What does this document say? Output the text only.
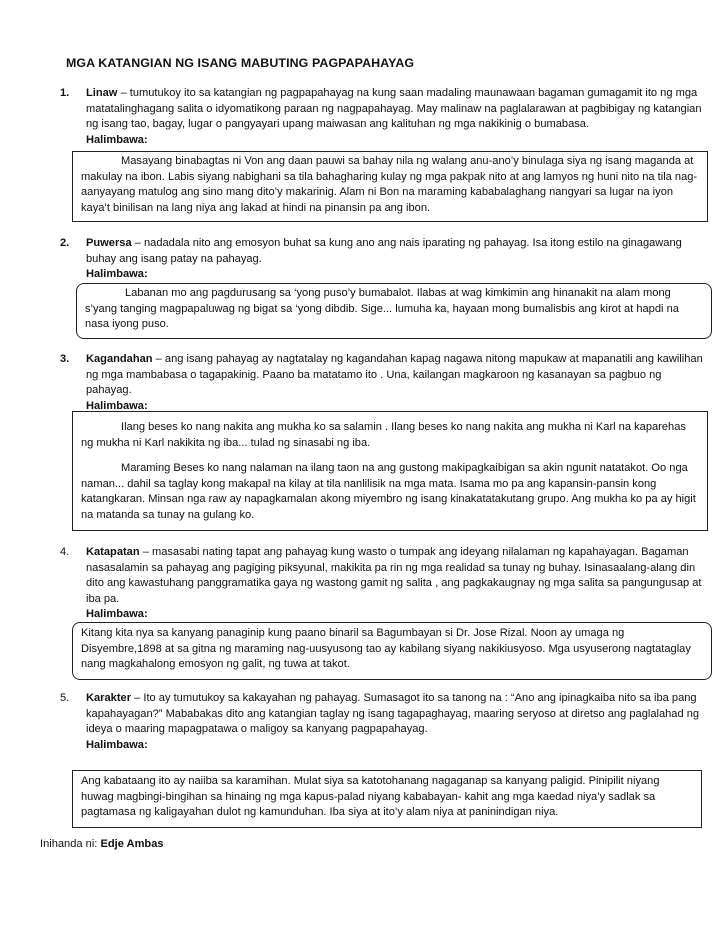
MGA KATANGIAN NG ISANG MABUTING PAGPAPAHAYAG
1.	Linaw – tumutukoy ito sa katangian ng pagpapahayag na kung saan madaling maunawaan bagaman gumagamit ito ng mga matatalinghagang salita o idyomatikong paraan ng nagpapahayag. May malinaw na paglalarawan at pagbibigay ng katangian ng isang tao, bagay, lugar o pangyayari upang maiwasan ang kalituhan ng mga nakikinig o bumabasa.
Halimbawa:

Masayang binabagtas ni Von ang daan pauwi sa bahay nila ng walang anu-ano’y binulaga siya ng isang maganda at makulay na ibon. Labis siyang nabighani sa tila bahagharing kulay ng mga pakpak nito at ang lamyos ng huni nito na tila nag-aanyayang matulog ang sino mang dito’y makarinig. Alam ni Bon na maraming kababalaghang nangyari sa lugar na iyon kaya’t binilisan na lang niya ang lakad at hindi na pinansin pa ang ibon.

2.	Puwersa – nadadala nito ang emosyon buhat sa kung ano ang nais iparating ng pahayag. Isa itong estilo na ginagawang buhay ang isang patay na pahayag.
Halimbawa:

Labanan mo ang pagdurusang sa ‘yong puso’y bumabalot. Ilabas at wag kimkimin ang hinanakit na alam mong s’yang tanging magpapaluwag ng bigat sa ‘yong dibdib. Sige... lumuha ka, hayaan mong bumalisbis ang kirot at hapdi na nasa iyong puso.

3.	Kagandahan – ang isang pahayag ay nagtatalay ng kagandahan kapag nagawa nitong mapukaw at mapanatili ang kawilihan ng mga mambabasa o tagapakinig. Paano ba matatamo ito . Una, kailangan magkaroon ng kasanayan sa pagbuo ng pahayag.
Halimbawa:

Ilang beses ko nang nakita ang mukha ko sa salamin . Ilang beses ko nang nakita ang mukha ni Karl na kaparehas ng mukha ni Karl nakikita ng iba... tulad ng sinasabi ng iba.

Maraming Beses ko nang nalaman na ilang taon na ang gustong makipagkaibigan sa akin ngunit natatakot. Oo nga naman... dahil sa taglay kong makapal na kilay at tila nanlilisik na mga mata. Isama mo pa ang kapansin-pansin kong katangkaran. Minsan nga raw ay napagkamalan akong miyembro ng isang kinakatatakutang grupo. Ang mukha ko pa ay higit na matanda sa tunay na gulang ko.

4.	Katapatan – masasabi nating tapat ang pahayag kung wasto o tumpak ang ideyang nilalaman ng kapahayagan. Bagaman nasasalamin sa pahayag ang pagiging piksyunal, makikita pa rin ng mga realidad sa tunay ng buhay. Isinasaalang-alang din dito ang kawastuhang panggramatika gaya ng wastong gamit ng salita , ang pagkakaugnay ng mga salita sa pangungusap at iba pa.
Halimbawa:

Kitang kita nya sa kanyang panaginip kung paano binaril sa Bagumbayan si Dr. Jose Rizal. Noon ay umaga ng Disyembre,1898 at sa gitna ng maraming nag-uusyusong tao ay kabilang siyang nakikiusyoso. Mga usyuserong nagtataglay nang magkahalong emosyon ng galit, ng tuwa at takot.

5.	Karakter – Ito ay tumutukoy sa kakayahan ng pahayag. Sumasagot ito sa tanong na : “Ano ang ipinagkaiba nito sa iba pang kapahayagan?” Mababakas dito ang katangian taglay ng isang tagapaghayag, maaring seryoso at diretso ang paglalahad ng ideya o maaring mapagpatawa o maligoy sa kanyang pagpapahayag.
Halimbawa:

Ang kabataang ito ay naiiba sa karamihan. Mulat siya sa katotohanang nagaganap sa kanyang paligid. Pinipilit niyang huwag magbingi-bingihan sa hinaing ng mga kapus-palad niyang kababayan- kahit ang mga kaedad niya’y sadlak sa pagtamasa ng kaligayahan dulot ng kamunduhan. Iba siya at ito’y alam niya at paninindigan niya.

Inihanda ni: Edje Ambas
